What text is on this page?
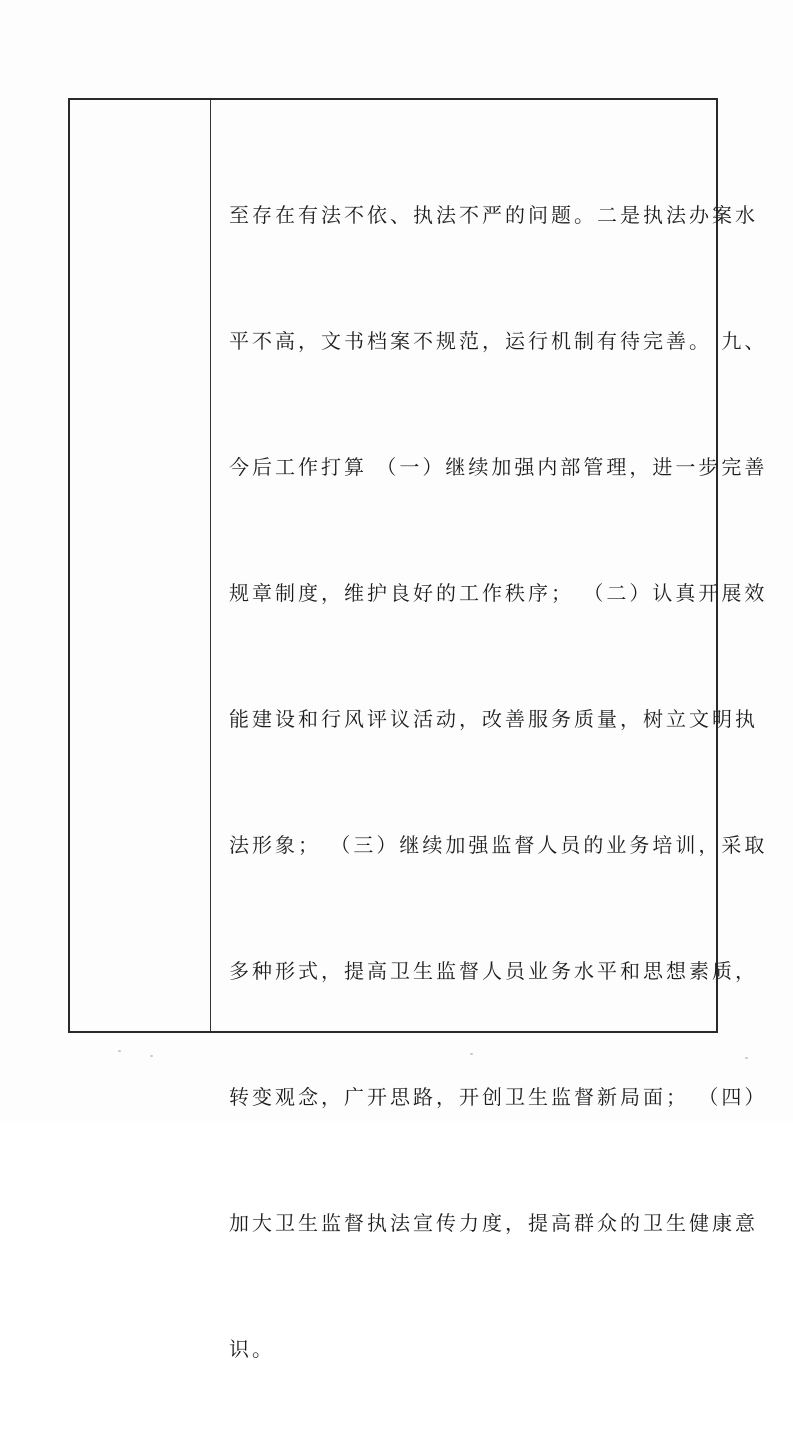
至存在有法不依、执法不严的问题。二是执法办案水

平不高，文书档案不规范，运行机制有待完善。 九、

今后工作打算 （一）继续加强内部管理，进一步完善

规章制度，维护良好的工作秩序； （二）认真开展效

能建设和行风评议活动，改善服务质量，树立文明执

法形象； （三）继续加强监督人员的业务培训，采取

多种形式，提高卫生监督人员业务水平和思想素质，

转变观念，广开思路，开创卫生监督新局面； （四）

加大卫生监督执法宣传力度，提高群众的卫生健康意

识。
